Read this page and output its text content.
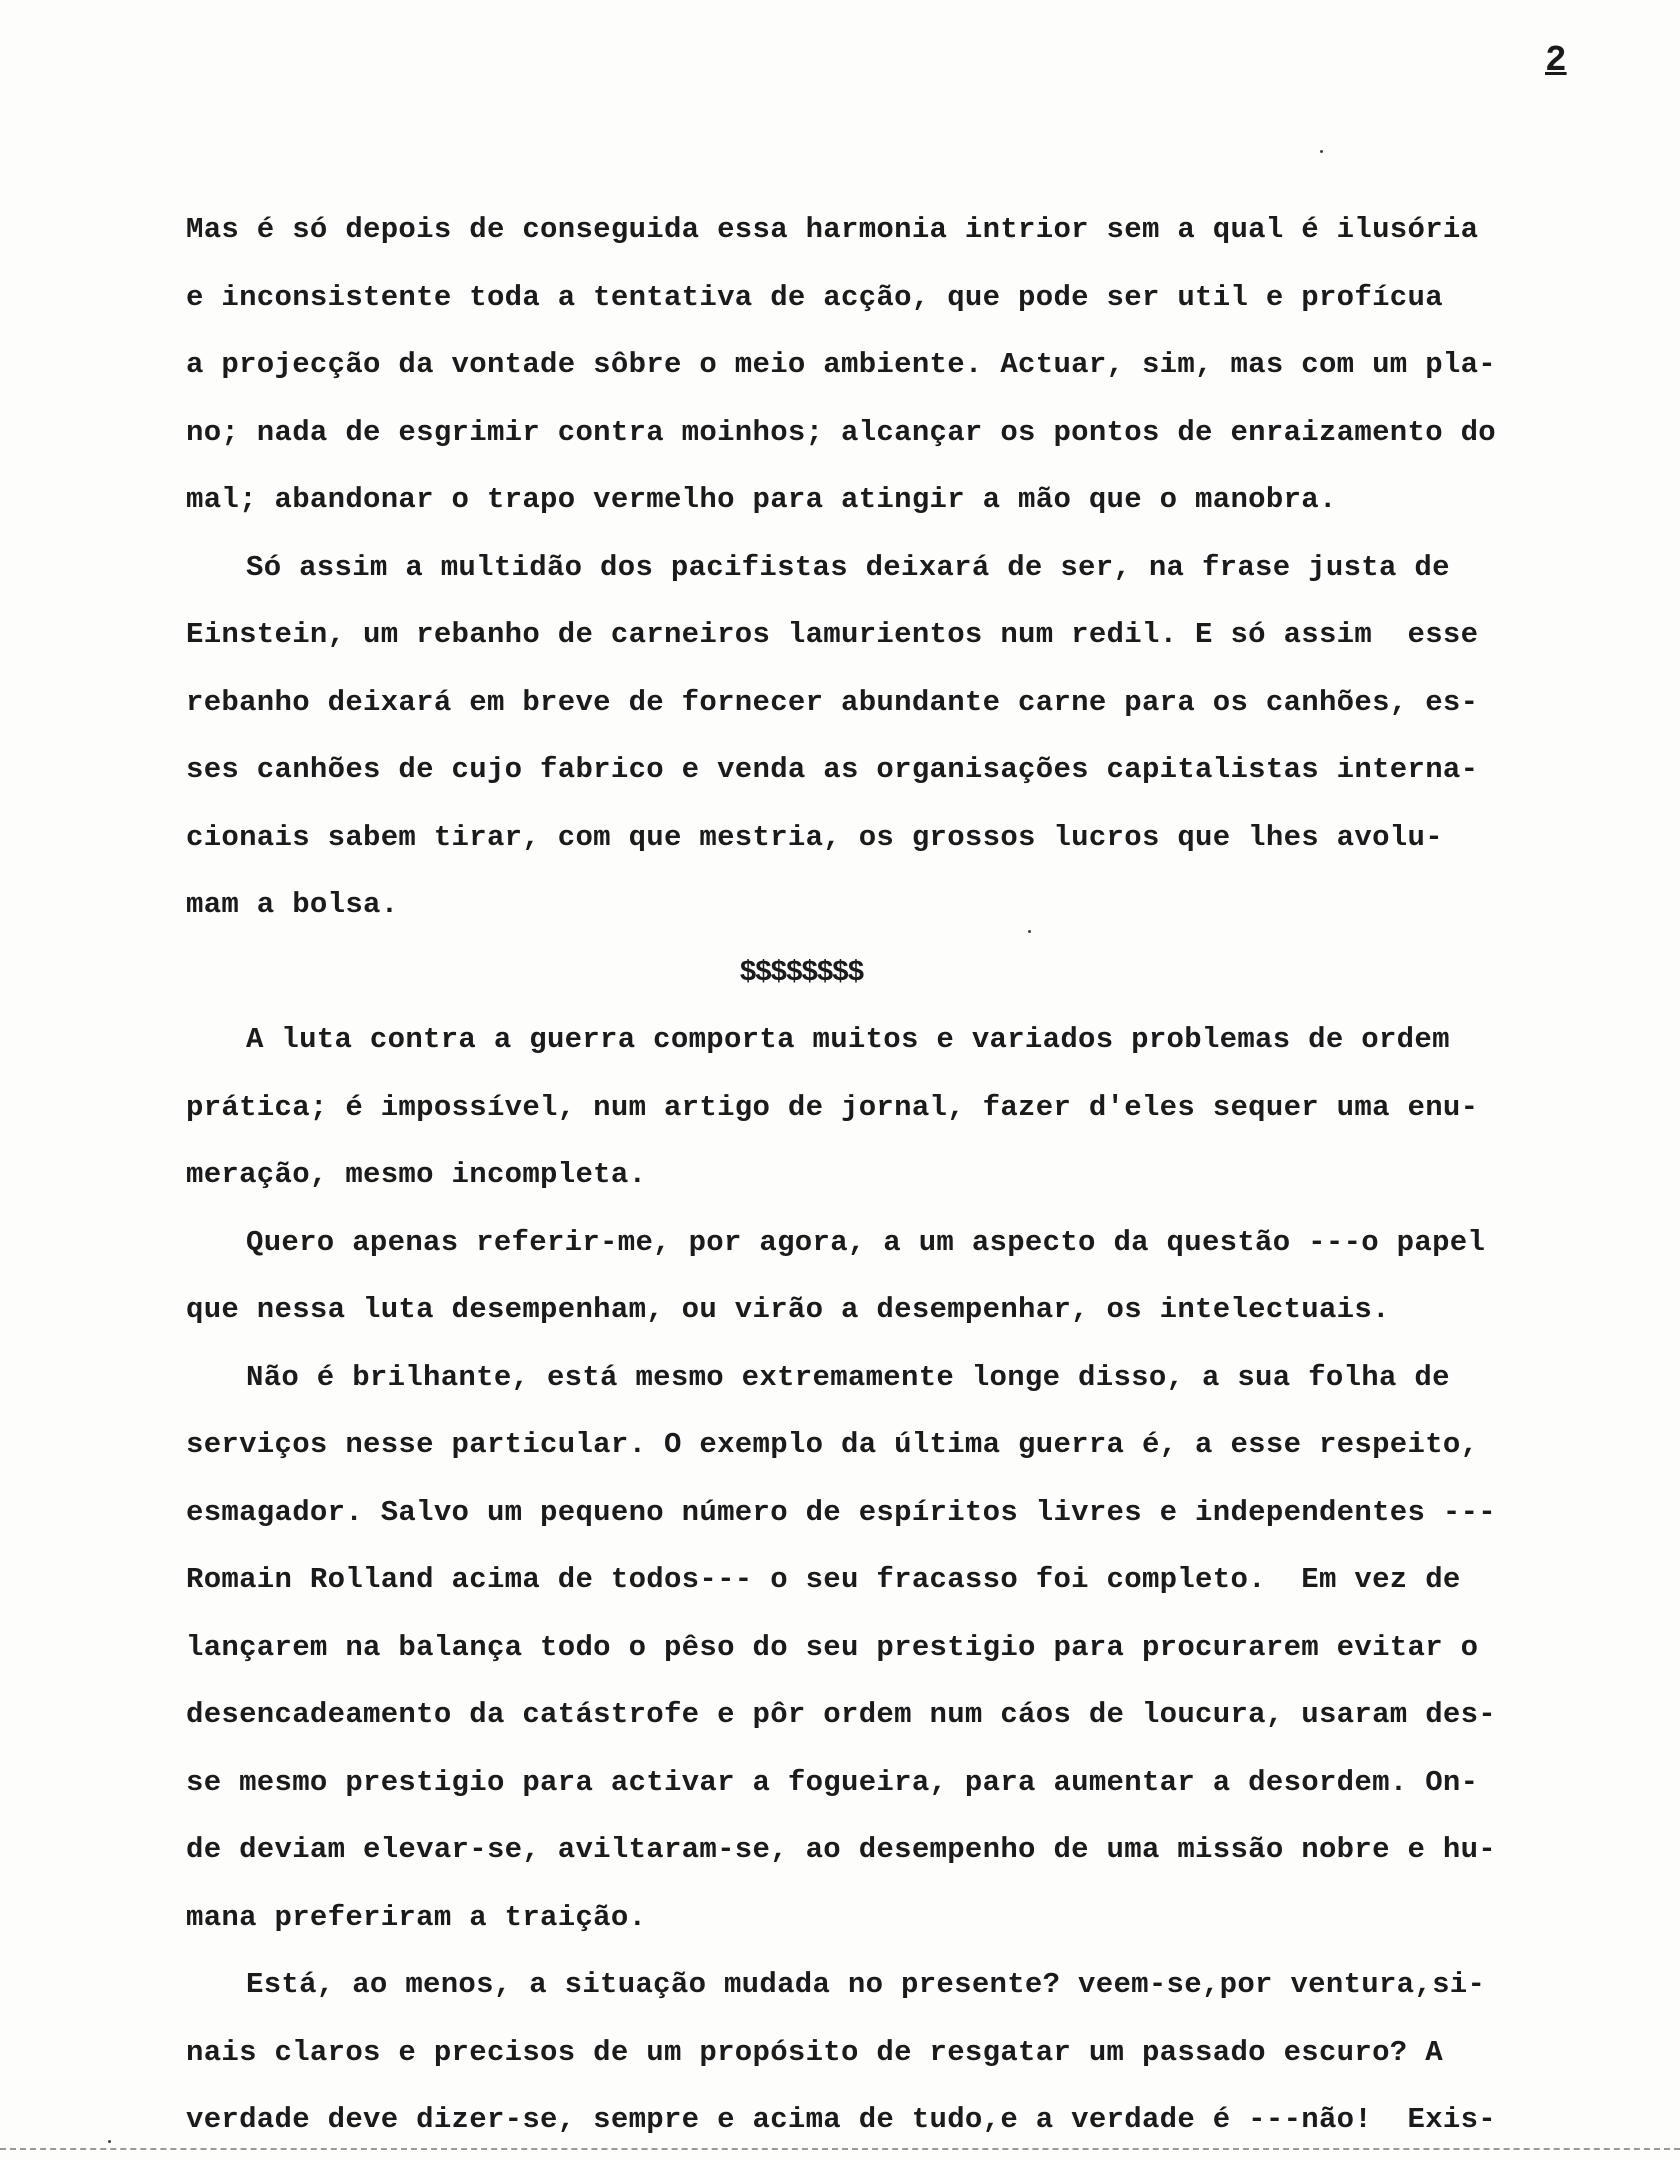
2
Mas é só depois de conseguida essa harmonia intrior sem a qual é ilusória
e inconsistente toda a tentativa de acção, que pode ser util e profícua
a projecção da vontade sôbre o meio ambiente. Actuar, sim, mas com um pla-
no; nada de esgrimir contra moinhos; alcançar os pontos de enraizamento do
mal; abandonar o trapo vermelho para atingir a mão que o manobra.
Só assim a multidão dos pacifistas deixará de ser, na frase justa de
Einstein, um rebanho de carneiros lamurientos num redil. E só assim  esse
rebanho deixará em breve de fornecer abundante carne para os canhões, es-
ses canhões de cujo fabrico e venda as organisações capitalistas interna-
cionais sabem tirar, com que mestria, os grossos lucros que lhes avolu-
mam a bolsa.
$$$$$$$$
A luta contra a guerra comporta muitos e variados problemas de ordem
prática; é impossível, num artigo de jornal, fazer d'eles sequer uma enu-
meração, mesmo incompleta.
Quero apenas referir-me, por agora, a um aspecto da questão ---o papel
que nessa luta desempenham, ou virão a desempenhar, os intelectuais.
Não é brilhante, está mesmo extremamente longe disso, a sua folha de
serviços nesse particular. O exemplo da última guerra é, a esse respeito,
esmagador. Salvo um pequeno número de espíritos livres e independentes ---
Romain Rolland acima de todos--- o seu fracasso foi completo.  Em vez de
lançarem na balança todo o pêso do seu prestigio para procurarem evitar o
desencadeamento da catástrofe e pôr ordem num cáos de loucura, usaram des-
se mesmo prestigio para activar a fogueira, para aumentar a desordem. On-
de deviam elevar-se, aviltaram-se, ao desempenho de uma missão nobre e hu-
mana preferiram a traição.
Está, ao menos, a situação mudada no presente? veem-se,por ventura,si-
nais claros e precisos de um propósito de resgatar um passado escuro? A
verdade deve dizer-se, sempre e acima de tudo,e a verdade é ---não!  Exis-
